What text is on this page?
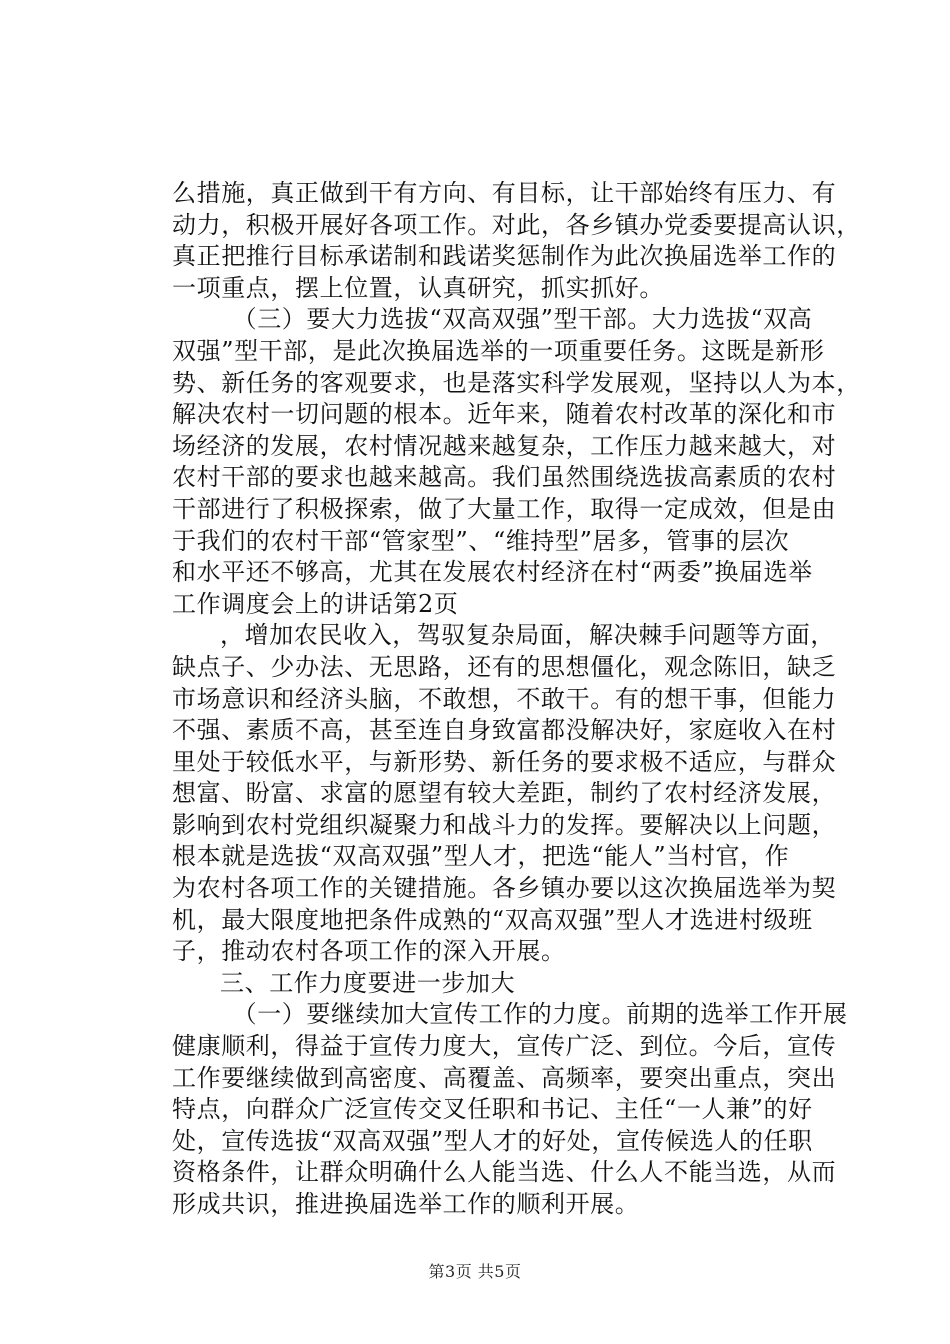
么措施，真正做到干有方向、有目标，让干部始终有压力、有
动力，积极开展好各项工作。对此，各乡镇办党委要提高认识，
真正把推行目标承诺制和践诺奖惩制作为此次换届选举工作的
一项重点，摆上位置，认真研究，抓实抓好。
　（三）要大力选拔“双高双强”型干部。大力选拔“双高
双强”型干部，是此次换届选举的一项重要任务。这既是新形
势、新任务的客观要求，也是落实科学发展观，坚持以人为本，
解决农村一切问题的根本。近年来，随着农村改革的深化和市
场经济的发展，农村情况越来越复杂，工作压力越来越大，对
农村干部的要求也越来越高。我们虽然围绕选拔高素质的农村
干部进行了积极探索，做了大量工作，取得一定成效，但是由
于我们的农村干部“管家型”、“维持型”居多，管事的层次
和水平还不够高，尤其在发展农村经济在村“两委”换届选举
工作调度会上的讲话第2页
，增加农民收入，驾驭复杂局面，解决棘手问题等方面，
缺点子、少办法、无思路，还有的思想僵化，观念陈旧，缺乏
市场意识和经济头脑，不敢想，不敢干。有的想干事，但能力
不强、素质不高，甚至连自身致富都没解决好，家庭收入在村
里处于较低水平，与新形势、新任务的要求极不适应，与群众
想富、盼富、求富的愿望有较大差距，制约了农村经济发展，
影响到农村党组织凝聚力和战斗力的发挥。要解决以上问题，
根本就是选拔“双高双强”型人才，把选“能人”当村官，作
为农村各项工作的关键措施。各乡镇办要以这次换届选举为契
机，最大限度地把条件成熟的“双高双强”型人才选进村级班
子，推动农村各项工作的深入开展。
三、工作力度要进一步加大
　（一）要继续加大宣传工作的力度。前期的选举工作开展
健康顺利，得益于宣传力度大，宣传广泛、到位。今后，宣传
工作要继续做到高密度、高覆盖、高频率，要突出重点，突出
特点，向群众广泛宣传交叉任职和书记、主任“一人兼”的好
处，宣传选拔“双高双强”型人才的好处，宣传候选人的任职
资格条件，让群众明确什么人能当选、什么人不能当选，从而
形成共识，推进换届选举工作的顺利开展。
第3页 共5页
